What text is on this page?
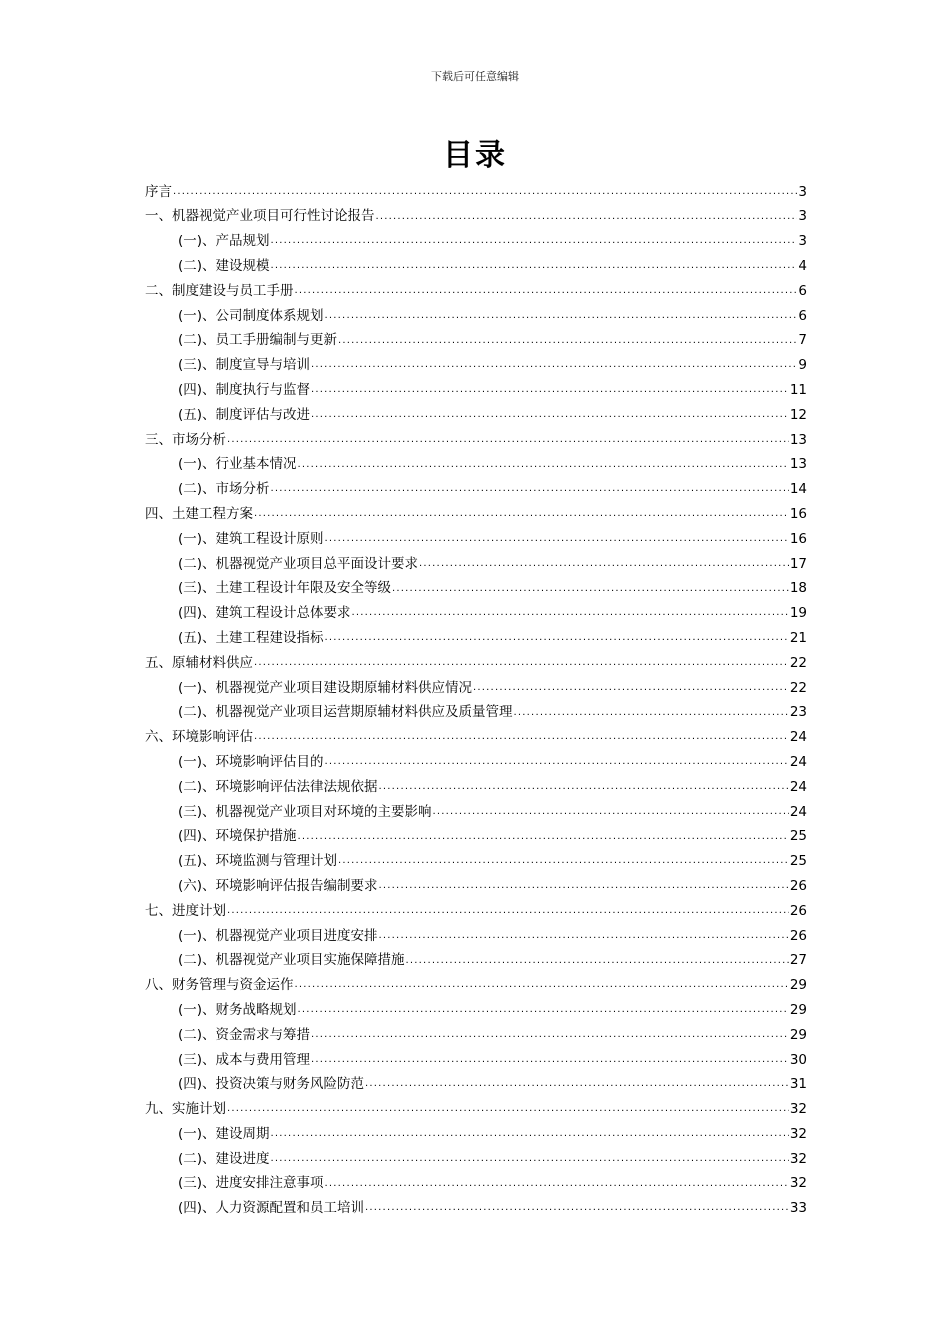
下载后可任意编辑
目录
序言 .....	3
一、机器视觉产业项目可行性讨论报告 .....	3
(一)、产品规划 .....	3
(二)、建设规模 .....	4
二、制度建设与员工手册 .....	6
(一)、公司制度体系规划 .....	6
(二)、员工手册编制与更新 .....	7
(三)、制度宣导与培训 .....	9
(四)、制度执行与监督 .....	11
(五)、制度评估与改进 .....	12
三、市场分析 .....	13
(一)、行业基本情况 .....	13
(二)、市场分析 .....	14
四、土建工程方案 .....	16
(一)、建筑工程设计原则 .....	16
(二)、机器视觉产业项目总平面设计要求 .....	17
(三)、土建工程设计年限及安全等级 .....	18
(四)、建筑工程设计总体要求 .....	19
(五)、土建工程建设指标 .....	21
五、原辅材料供应 .....	22
(一)、机器视觉产业项目建设期原辅材料供应情况 .....	22
(二)、机器视觉产业项目运营期原辅材料供应及质量管理 .....	23
六、环境影响评估 .....	24
(一)、环境影响评估目的 .....	24
(二)、环境影响评估法律法规依据 .....	24
(三)、机器视觉产业项目对环境的主要影响 .....	24
(四)、环境保护措施 .....	25
(五)、环境监测与管理计划 .....	25
(六)、环境影响评估报告编制要求 .....	26
七、进度计划 .....	26
(一)、机器视觉产业项目进度安排 .....	26
(二)、机器视觉产业项目实施保障措施 .....	27
八、财务管理与资金运作 .....	29
(一)、财务战略规划 .....	29
(二)、资金需求与筹措 .....	29
(三)、成本与费用管理 .....	30
(四)、投资决策与财务风险防范 .....	31
九、实施计划 .....	32
(一)、建设周期 .....	32
(二)、建设进度 .....	32
(三)、进度安排注意事项 .....	32
(四)、人力资源配置和员工培训 .....	33
